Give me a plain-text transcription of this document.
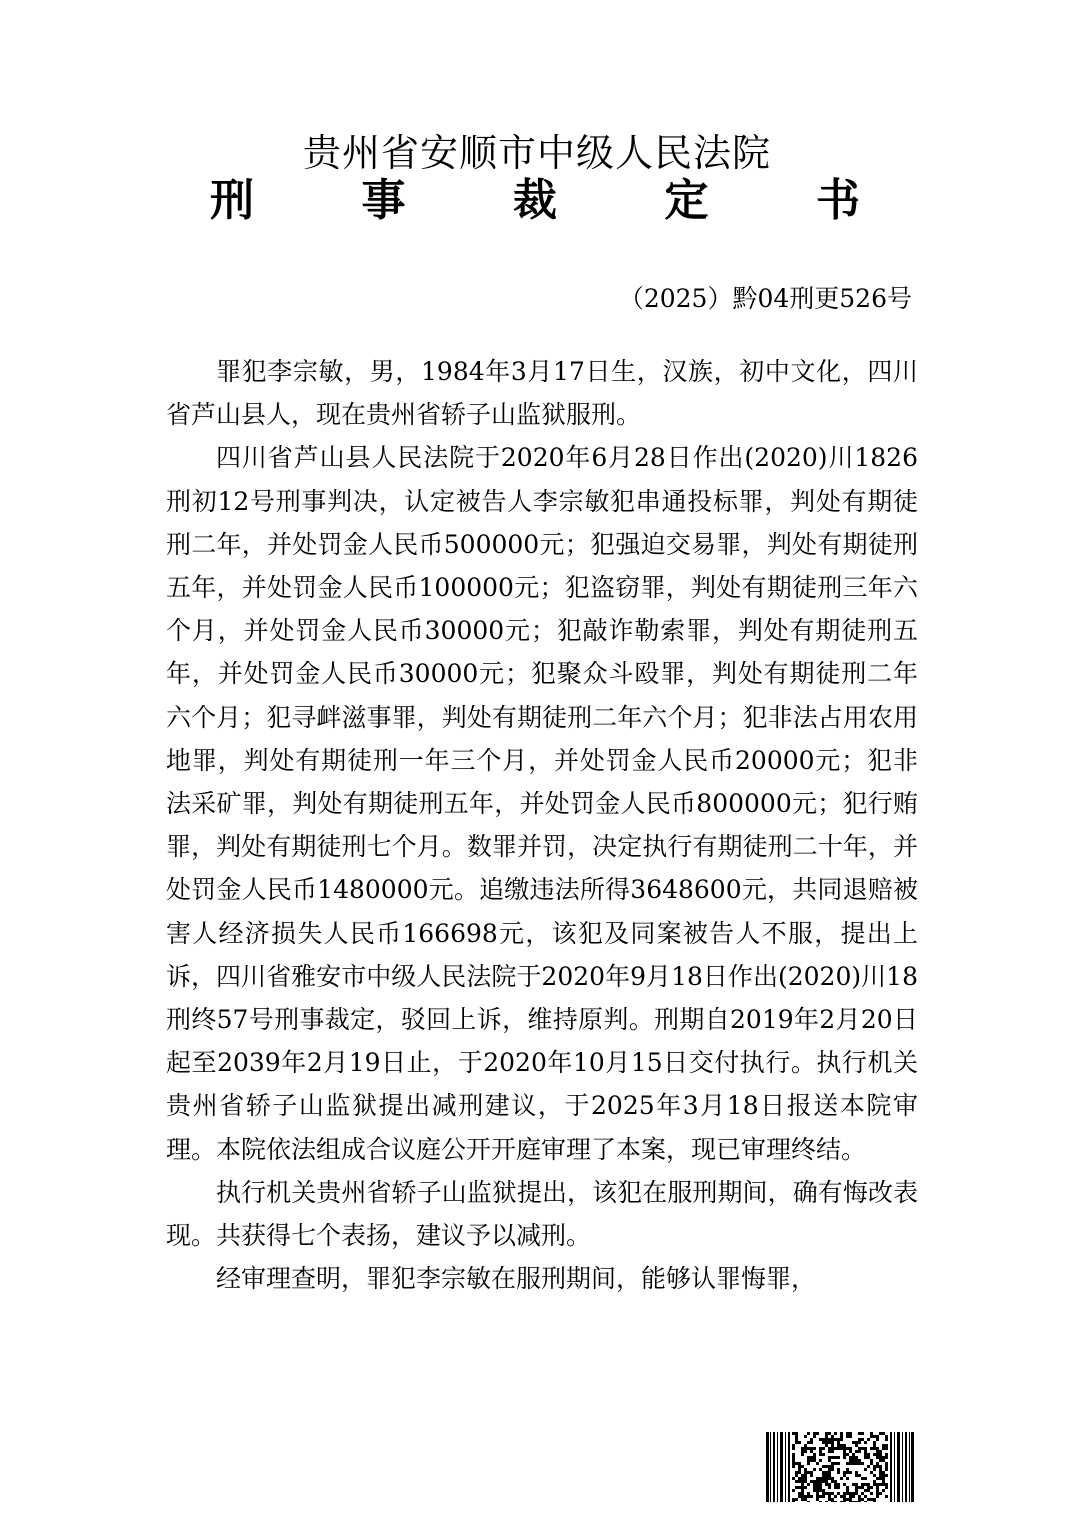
贵州省安顺市中级人民法院
刑 事 裁 定 书
（2025）黔04刑更526号

罪犯李宗敏，男，1984年3月17日生，汉族，初中文化，四川省芦山县人，现在贵州省轿子山监狱服刑。

四川省芦山县人民法院于2020年6月28日作出(2020)川1826刑初12号刑事判决，认定被告人李宗敏犯串通投标罪，判处有期徒刑二年，并处罚金人民币500000元；犯强迫交易罪，判处有期徒刑五年，并处罚金人民币100000元；犯盗窃罪，判处有期徒刑三年六个月，并处罚金人民币30000元；犯敲诈勒索罪，判处有期徒刑五年，并处罚金人民币30000元；犯聚众斗殴罪，判处有期徒刑二年六个月；犯寻衅滋事罪，判处有期徒刑二年六个月；犯非法占用农用地罪，判处有期徒刑一年三个月，并处罚金人民币20000元；犯非法采矿罪，判处有期徒刑五年，并处罚金人民币800000元；犯行贿罪，判处有期徒刑七个月。数罪并罚，决定执行有期徒刑二十年，并处罚金人民币1480000元。追缴违法所得3648600元，共同退赔被害人经济损失人民币166698元，该犯及同案被告人不服，提出上诉，四川省雅安市中级人民法院于2020年9月18日作出(2020)川18刑终57号刑事裁定，驳回上诉，维持原判。刑期自2019年2月20日起至2039年2月19日止，于2020年10月15日交付执行。执行机关贵州省轿子山监狱提出减刑建议，于2025年3月18日报送本院审理。本院依法组成合议庭公开开庭审理了本案，现已审理终结。

执行机关贵州省轿子山监狱提出，该犯在服刑期间，确有悔改表现。共获得七个表扬，建议予以减刑。

经审理查明，罪犯李宗敏在服刑期间，能够认罪悔罪，
